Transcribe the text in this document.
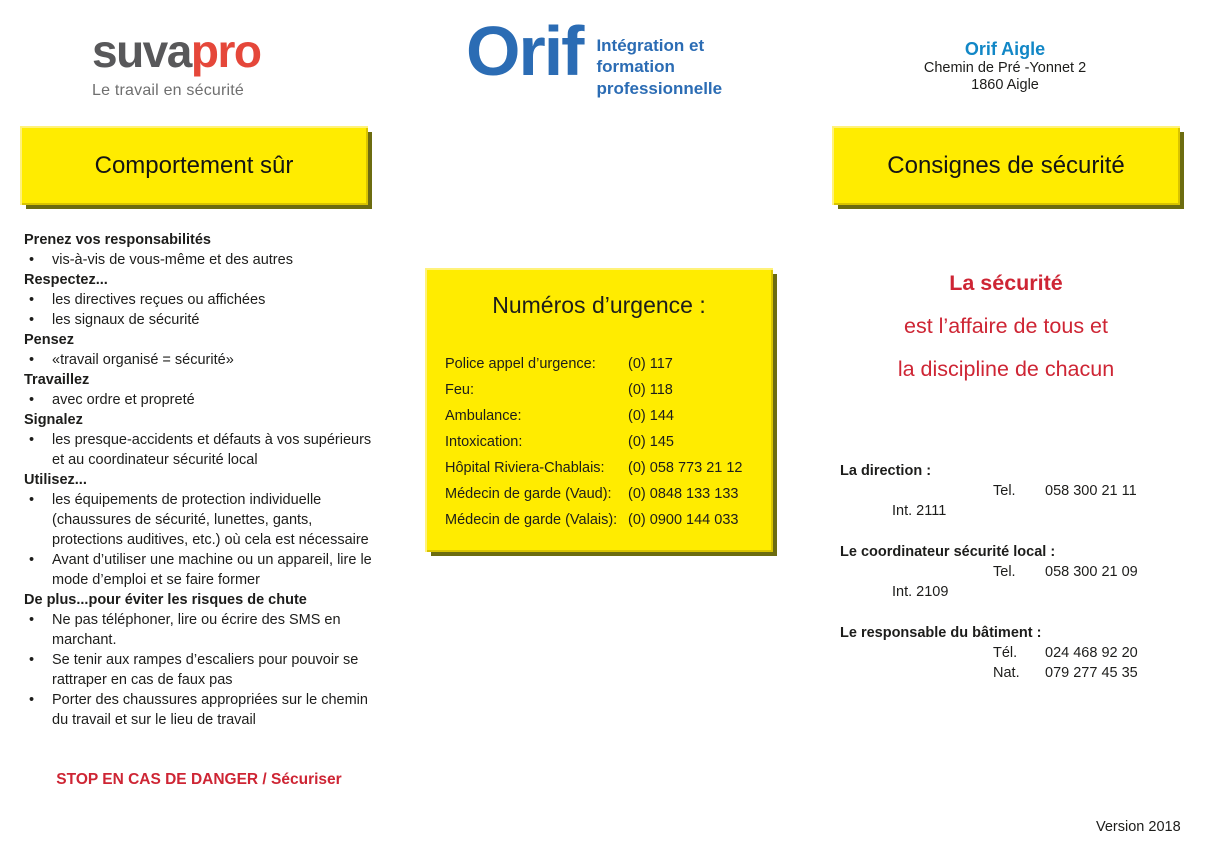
suvapro
Le travail en sécurité
Orif Intégration et
formation
professionnelle
Orif Aigle
Chemin de Pré -Yonnet 2
1860 Aigle
Comportement sûr	Consignes de sécurité
Prenez vos responsabilités
•	vis-à-vis de vous-même et des autres
Respectez...
•	les directives reçues ou affichées
•	les signaux de sécurité
Pensez
•	«travail organisé = sécurité»
Travaillez
•	avec ordre et propreté
Signalez
•	les presque-accidents et défauts à vos supérieurs et au coordinateur sécurité local
Utilisez...
•	les équipements de protection individuelle (chaussures de sécurité, lunettes, gants, protections auditives, etc.) où cela est nécessaire
•	Avant d’utiliser une machine ou un appareil, lire le mode d’emploi et se faire former
De plus...pour éviter les risques de chute
•	Ne pas téléphoner, lire ou écrire des SMS en marchant.
•	Se tenir aux rampes d’escaliers pour pouvoir se rattraper en cas de faux pas
•	Porter des chaussures appropriées sur le chemin du travail et sur le lieu de travail
STOP EN CAS DE DANGER / Sécuriser
Numéros d’urgence :
Police appel d’urgence:	(0) 117
Feu:	(0) 118
Ambulance:	(0) 144
Intoxication:	(0) 145
Hôpital Riviera-Chablais:	(0) 058 773 21 12
Médecin de garde (Vaud):	(0) 0848 133 133
Médecin de garde (Valais): (0) 0900 144 033
La sécurité
est l’affaire de tous et
la discipline de chacun
La direction :
Tel.	058 300 21 11
Int. 2111
Le coordinateur sécurité local :
Tel.	058 300 21 09
Int. 2109
Le responsable du bâtiment :
Tél.	024 468 92 20
Nat.	079 277 45 35
Version 2018
